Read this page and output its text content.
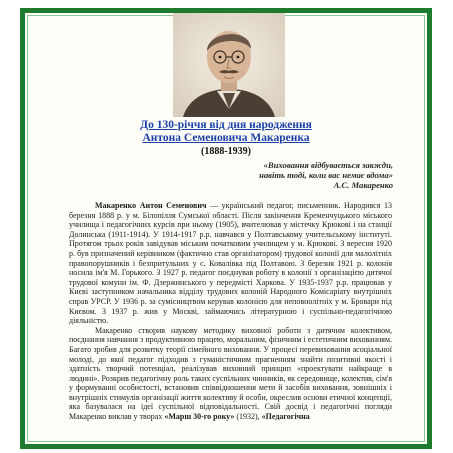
До 130-річчя від дня народження
Антона Семеновича Макаренка
(1888-1939)
«Виховання відбувається завжди,
навіть тоді, коли вас немає вдома»
А.С. Макаренко

Макаренко Антон Семенович — український педагог, письменник. Народився 13 березня 1888 р. у м. Білопілля Сумської області. Після закінчення Кременчуцького міського училища і педагогічних курсів при ньому (1905), вчителював у містечку Крюкові і на станції Долинська (1911-1914). У 1914-1917 р.р. навчався у Полтавському учительському інституті. Протягом трьох років завідував міським початковим училищем у м. Крюкові. З вересня 1920 р. був призначений керівником (фактично став організатором) трудової колонії для малолітніх правопорушників і безпритульних у с. Ковалівка під Полтавою. З березня 1921 р. колонія носила ім'я М. Горького. З 1927 р. педагог поєднував роботу в колонії з організацією дитячої трудової комуни ім. Ф. Дзержинського у передмісті Харкова. У 1935-1937 р.р. працював у Києві заступником начальника відділу трудових колоній Народного Комісаріату внутрішніх справ УРСР. У 1936 р. за сумісництвом керував колонією для неповнолітніх у м. Бровари під Києвом. З 1937 р. жив у Москві, займаючись літературною і суспільно-педагогічною діяльністю.

Макаренко створив наукову методику виховної роботи з дитячим колективом, поєднання навчання з продуктивною працею, моральним, фізичним і естетичним вихованням. Багато зробив для розвитку теорії сімейного виховання. У процесі перевиховання асоціальної молоді, до якої педагог підходив з гуманістичним прагненням знайти позитивні якості і здатність творчий потенціал, реалізував виховний принцип «проектувати найкраще в людині». Розкрив педагогічну роль таких суспільних чинників, як середовище, колектив, сім'я у формуванні особистості, встановив співвідношення мети й засобів виховання, зовнішніх і внутрішніх стимулів організації життя колективу й особи, окреслив основи етичної концепції, яка базувалася на ідеї суспільної відповідальності. Свій досвід і педагогічні погляди Макаренко виклав у творах «Марш 30-го року» (1932), «Педагогічна
